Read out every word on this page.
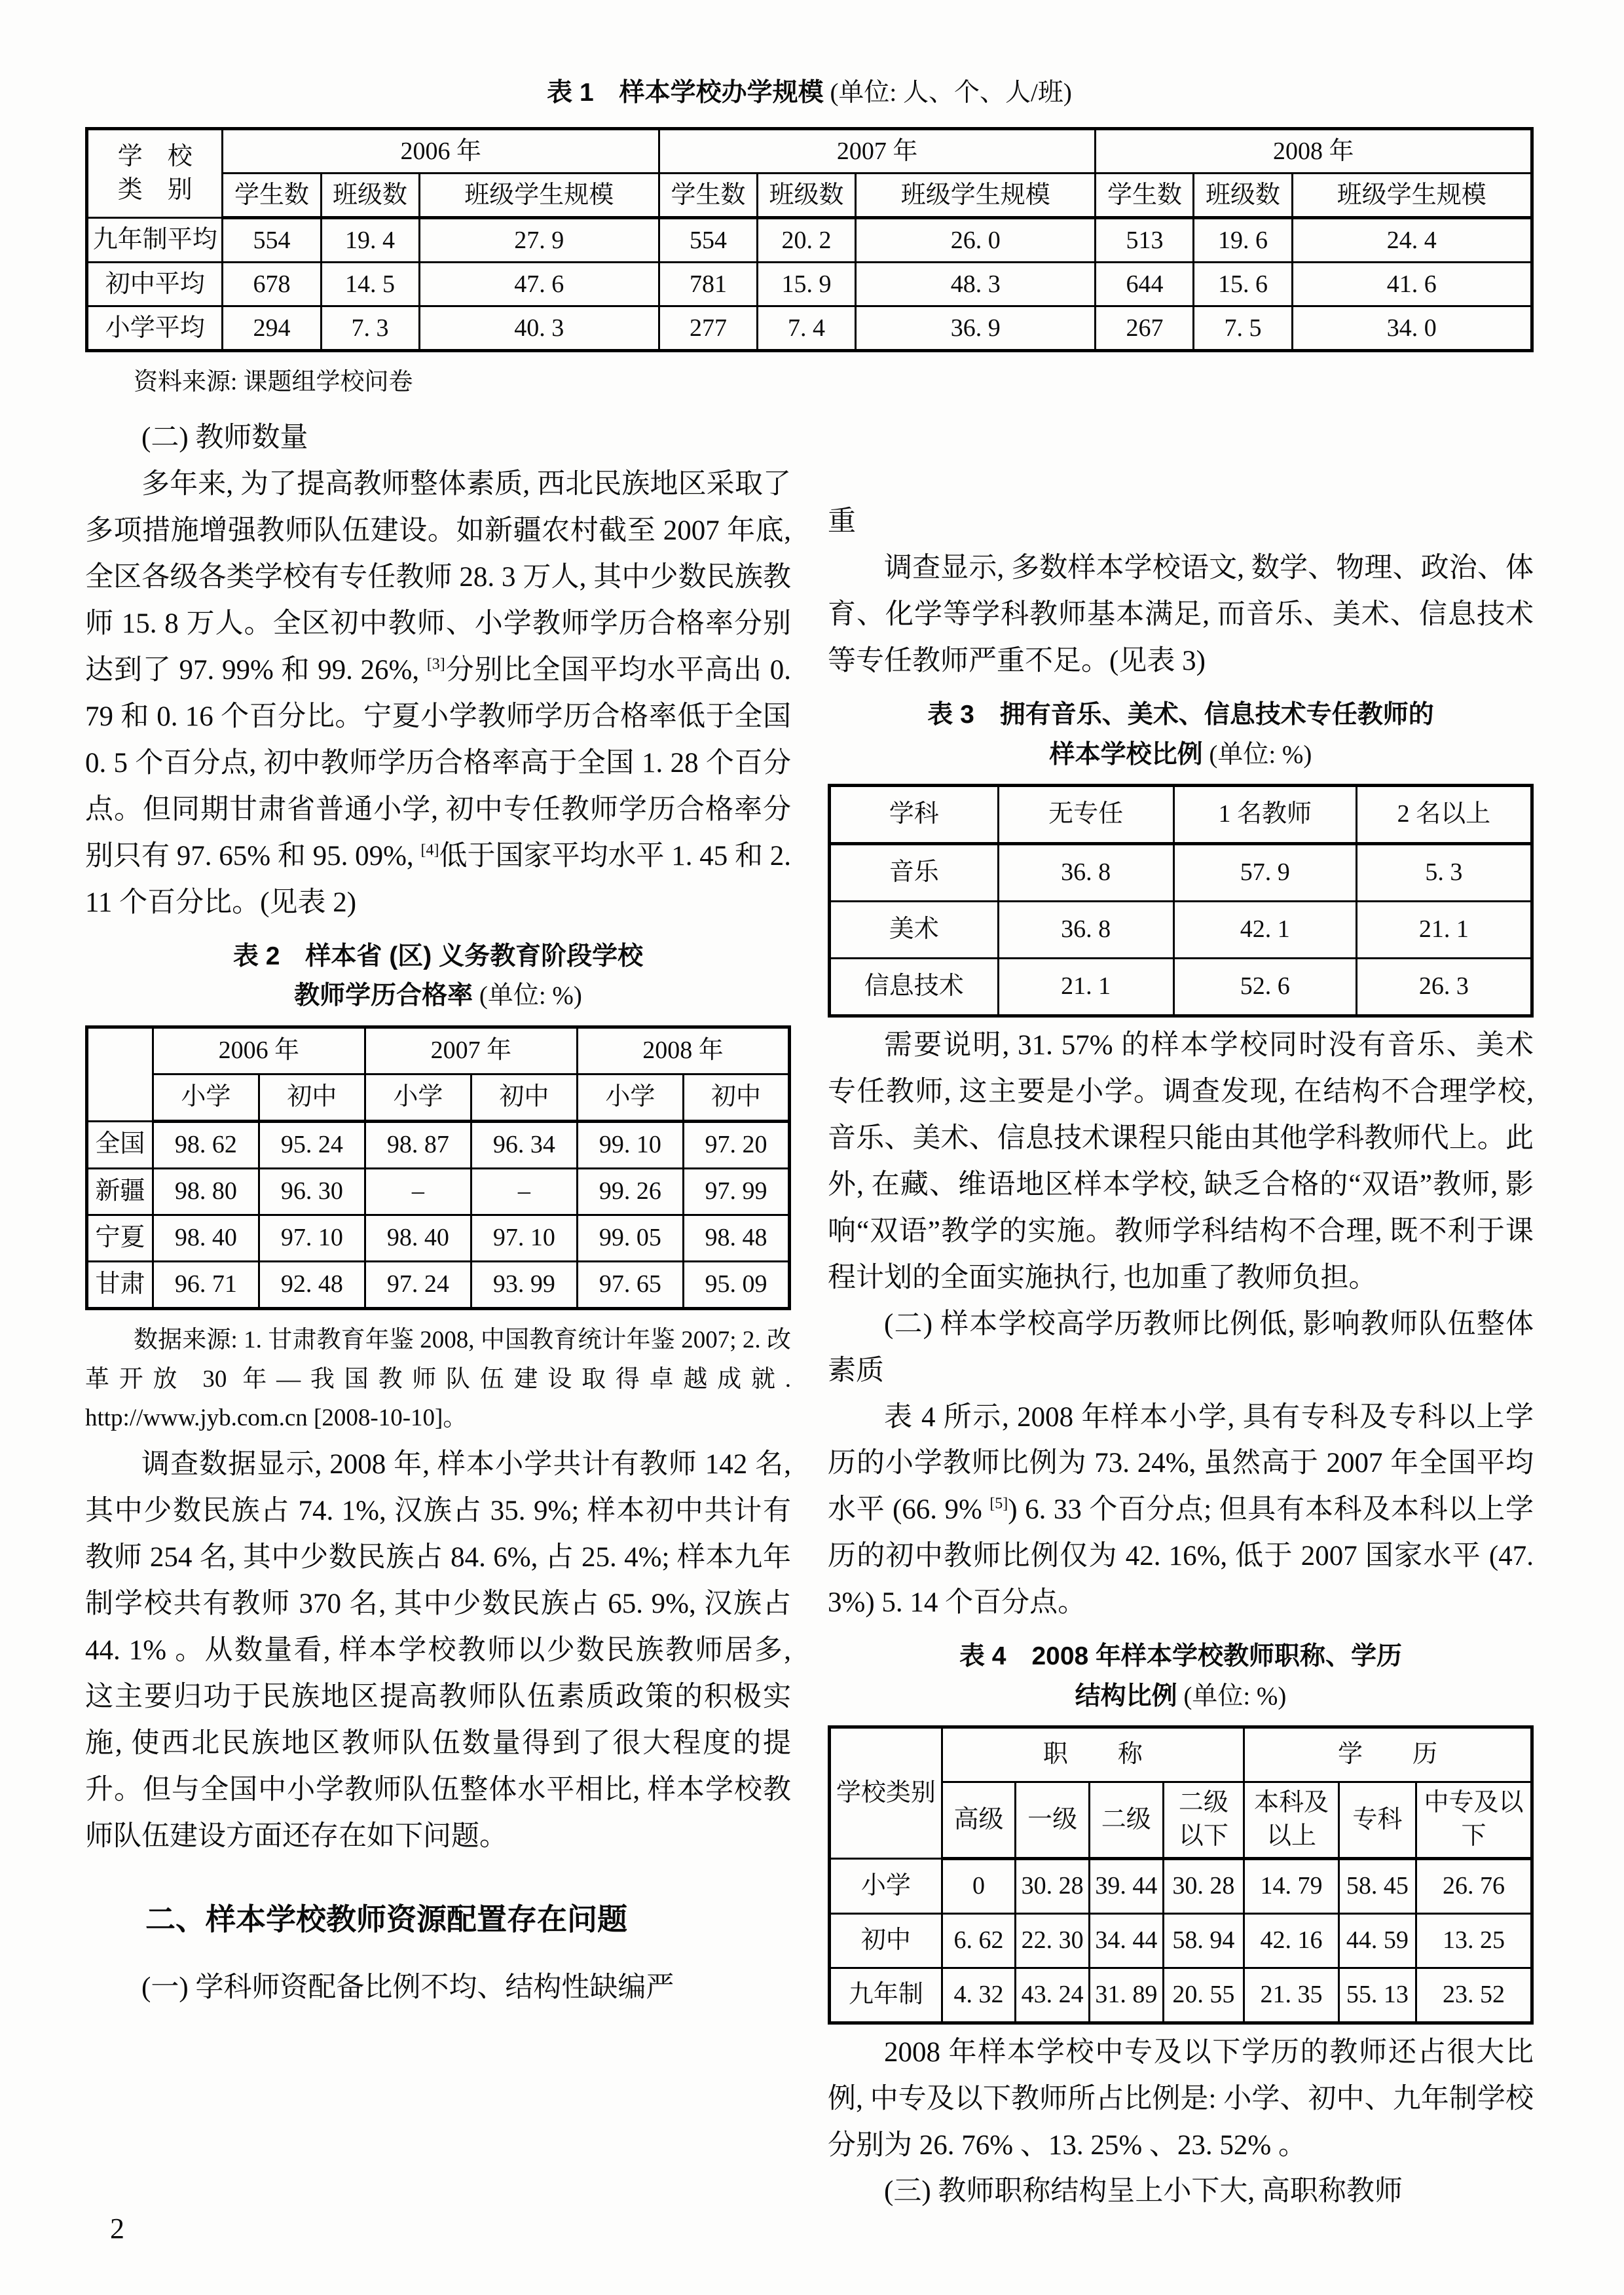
表 1　样本学校办学规模 (单位: 人、个、人/班)
学　校
类　别	2006 年			2007 年			2008 年		
	学生数	班级数	班级学生规模	学生数	班级数	班级学生规模	学生数	班级数	班级学生规模
九年制平均	554	19. 4	27. 9	554	20. 2	26. 0	513	19. 6	24. 4
初中平均	678	14. 5	47. 6	781	15. 9	48. 3	644	15. 6	41. 6
小学平均	294	7. 3	40. 3	277	7. 4	36. 9	267	7. 5	34. 0

资料来源: 课题组学校问卷

(二) 教师数量

多年来, 为了提高教师整体素质, 西北民族地区采取了多项措施增强教师队伍建设。如新疆农村截至 2007 年底, 全区各级各类学校有专任教师 28. 3 万人, 其中少数民族教师 15. 8 万人。全区初中教师、小学教师学历合格率分别达到了 97. 99% 和 99. 26%, [3]分别比全国平均水平高出 0. 79 和 0. 16 个百分比。宁夏小学教师学历合格率低于全国 0. 5 个百分点, 初中教师学历合格率高于全国 1. 28 个百分点。但同期甘肃省普通小学, 初中专任教师学历合格率分别只有 97. 65% 和 95. 09%, [4]低于国家平均水平 1. 45 和 2. 11 个百分比。(见表 2)

表 2　样本省 (区) 义务教育阶段学校
教师学历合格率 (单位: %)
	2006 年		2007 年		2008 年	
	小学	初中	小学	初中	小学	初中
全国	98. 62	95. 24	98. 87	96. 34	99. 10	97. 20
新疆	98. 80	96. 30	–	–	99. 26	97. 99
宁夏	98. 40	97. 10	98. 40	97. 10	99. 05	98. 48
甘肃	96. 71	92. 48	97. 24	93. 99	97. 65	95. 09

数据来源: 1. 甘肃教育年鉴 2008, 中国教育统计年鉴 2007; 2. 改革开放 30 年—我国教师队伍建设取得卓越成就. http://www.jyb.com.cn [2008-10-10]。

调查数据显示, 2008 年, 样本小学共计有教师 142 名, 其中少数民族占 74. 1%, 汉族占 35. 9%; 样本初中共计有教师 254 名, 其中少数民族占 84. 6%, 占 25. 4%; 样本九年制学校共有教师 370 名, 其中少数民族占 65. 9%, 汉族占 44. 1% 。从数量看, 样本学校教师以少数民族教师居多, 这主要归功于民族地区提高教师队伍素质政策的积极实施, 使西北民族地区教师队伍数量得到了很大程度的提升。但与全国中小学教师队伍整体水平相比, 样本学校教师队伍建设方面还存在如下问题。

二、样本学校教师资源配置存在问题

(一) 学科师资配备比例不均、结构性缺编严

重

调查显示, 多数样本学校语文, 数学、物理、政治、体育、化学等学科教师基本满足, 而音乐、美术、信息技术等专任教师严重不足。(见表 3)

表 3　拥有音乐、美术、信息技术专任教师的
样本学校比例 (单位: %)
学科	无专任	1 名教师	2 名以上
音乐	36. 8	57. 9	5. 3
美术	36. 8	42. 1	21. 1
信息技术	21. 1	52. 6	26. 3

需要说明, 31. 57% 的样本学校同时没有音乐、美术专任教师, 这主要是小学。调查发现, 在结构不合理学校, 音乐、美术、信息技术课程只能由其他学科教师代上。此外, 在藏、维语地区样本学校, 缺乏合格的“双语”教师, 影响“双语”教学的实施。教师学科结构不合理, 既不利于课程计划的全面实施执行, 也加重了教师负担。

(二) 样本学校高学历教师比例低, 影响教师队伍整体素质

表 4 所示, 2008 年样本小学, 具有专科及专科以上学历的小学教师比例为 73. 24%, 虽然高于 2007 年全国平均水平 (66. 9% [5]) 6. 33 个百分点; 但具有本科及本科以上学历的初中教师比例仅为 42. 16%, 低于 2007 国家水平 (47. 3%) 5. 14 个百分点。

表 4　2008 年样本学校教师职称、学历
结构比例 (单位: %)
学校类别	职　　称				学　　历		
	高级	一级	二级	二级以下	本科及以上	专科	中专及以下
小学	0	30. 28	39. 44	30. 28	14. 79	58. 45	26. 76
初中	6. 62	22. 30	34. 44	58. 94	42. 16	44. 59	13. 25
九年制	4. 32	43. 24	31. 89	20. 55	21. 35	55. 13	23. 52

2008 年样本学校中专及以下学历的教师还占很大比例, 中专及以下教师所占比例是: 小学、初中、九年制学校分别为 26. 76% 、13. 25% 、23. 52% 。

(三) 教师职称结构呈上小下大, 高职称教师

2
